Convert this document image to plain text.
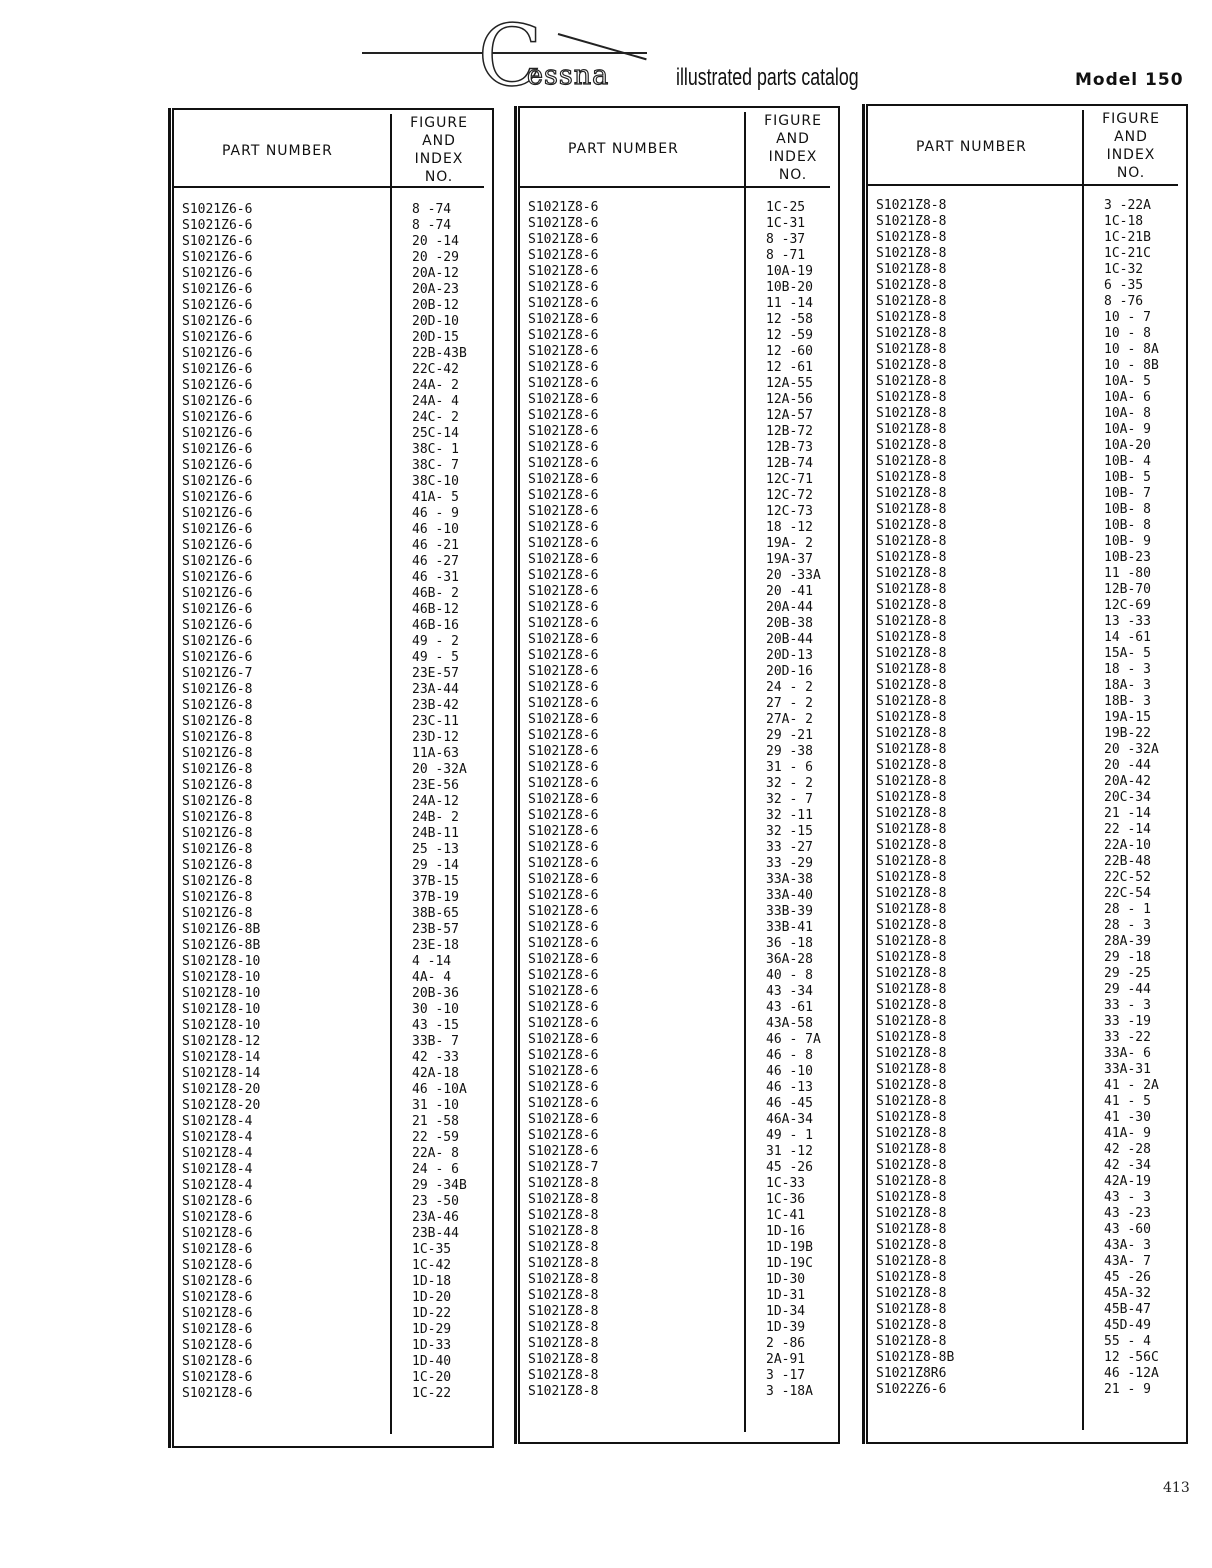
C
essna	illustrated parts catalog	Model 150
PART NUMBER
FIGURE
AND
INDEX
NO.
S1021Z6-6	8 -74
S1021Z6-6	8 -74
S1021Z6-6	20 -14
S1021Z6-6	20 -29
S1021Z6-6	20A-12
S1021Z6-6	20A-23
S1021Z6-6	20B-12
S1021Z6-6	20D-10
S1021Z6-6	20D-15
S1021Z6-6	22B-43B
S1021Z6-6	22C-42
S1021Z6-6	24A- 2
S1021Z6-6	24A- 4
S1021Z6-6	24C- 2
S1021Z6-6	25C-14
S1021Z6-6	38C- 1
S1021Z6-6	38C- 7
S1021Z6-6	38C-10
S1021Z6-6	41A- 5
S1021Z6-6	46 - 9
S1021Z6-6	46 -10
S1021Z6-6	46 -21
S1021Z6-6	46 -27
S1021Z6-6	46 -31
S1021Z6-6	46B- 2
S1021Z6-6	46B-12
S1021Z6-6	46B-16
S1021Z6-6	49 - 2
S1021Z6-6	49 - 5
S1021Z6-7	23E-57
S1021Z6-8	23A-44
S1021Z6-8	23B-42
S1021Z6-8	23C-11
S1021Z6-8	23D-12
S1021Z6-8	11A-63
S1021Z6-8	20 -32A
S1021Z6-8	23E-56
S1021Z6-8	24A-12
S1021Z6-8	24B- 2
S1021Z6-8	24B-11
S1021Z6-8	25 -13
S1021Z6-8	29 -14
S1021Z6-8	37B-15
S1021Z6-8	37B-19
S1021Z6-8	38B-65
S1021Z6-8B	23B-57
S1021Z6-8B	23E-18
S1021Z8-10	4 -14
S1021Z8-10	4A- 4
S1021Z8-10	20B-36
S1021Z8-10	30 -10
S1021Z8-10	43 -15
S1021Z8-12	33B- 7
S1021Z8-14	42 -33
S1021Z8-14	42A-18
S1021Z8-20	46 -10A
S1021Z8-20	31 -10
S1021Z8-4	21 -58
S1021Z8-4	22 -59
S1021Z8-4	22A- 8
S1021Z8-4	24 - 6
S1021Z8-4	29 -34B
S1021Z8-6	23 -50
S1021Z8-6	23A-46
S1021Z8-6	23B-44
S1021Z8-6	1C-35
S1021Z8-6	1C-42
S1021Z8-6	1D-18
S1021Z8-6	1D-20
S1021Z8-6	1D-22
S1021Z8-6	1D-29
S1021Z8-6	1D-33
S1021Z8-6	1D-40
S1021Z8-6	1C-20
S1021Z8-6	1C-22
PART NUMBER
FIGURE
AND
INDEX
NO.
S1021Z8-6	1C-25
S1021Z8-6	1C-31
S1021Z8-6	8 -37
S1021Z8-6	8 -71
S1021Z8-6	10A-19
S1021Z8-6	10B-20
S1021Z8-6	11 -14
S1021Z8-6	12 -58
S1021Z8-6	12 -59
S1021Z8-6	12 -60
S1021Z8-6	12 -61
S1021Z8-6	12A-55
S1021Z8-6	12A-56
S1021Z8-6	12A-57
S1021Z8-6	12B-72
S1021Z8-6	12B-73
S1021Z8-6	12B-74
S1021Z8-6	12C-71
S1021Z8-6	12C-72
S1021Z8-6	12C-73
S1021Z8-6	18 -12
S1021Z8-6	19A- 2
S1021Z8-6	19A-37
S1021Z8-6	20 -33A
S1021Z8-6	20 -41
S1021Z8-6	20A-44
S1021Z8-6	20B-38
S1021Z8-6	20B-44
S1021Z8-6	20D-13
S1021Z8-6	20D-16
S1021Z8-6	24 - 2
S1021Z8-6	27 - 2
S1021Z8-6	27A- 2
S1021Z8-6	29 -21
S1021Z8-6	29 -38
S1021Z8-6	31 - 6
S1021Z8-6	32 - 2
S1021Z8-6	32 - 7
S1021Z8-6	32 -11
S1021Z8-6	32 -15
S1021Z8-6	33 -27
S1021Z8-6	33 -29
S1021Z8-6	33A-38
S1021Z8-6	33A-40
S1021Z8-6	33B-39
S1021Z8-6	33B-41
S1021Z8-6	36 -18
S1021Z8-6	36A-28
S1021Z8-6	40 - 8
S1021Z8-6	43 -34
S1021Z8-6	43 -61
S1021Z8-6	43A-58
S1021Z8-6	46 - 7A
S1021Z8-6	46 - 8
S1021Z8-6	46 -10
S1021Z8-6	46 -13
S1021Z8-6	46 -45
S1021Z8-6	46A-34
S1021Z8-6	49 - 1
S1021Z8-6	31 -12
S1021Z8-7	45 -26
S1021Z8-8	1C-33
S1021Z8-8	1C-36
S1021Z8-8	1C-41
S1021Z8-8	1D-16
S1021Z8-8	1D-19B
S1021Z8-8	1D-19C
S1021Z8-8	1D-30
S1021Z8-8	1D-31
S1021Z8-8	1D-34
S1021Z8-8	1D-39
S1021Z8-8	2 -86
S1021Z8-8	2A-91
S1021Z8-8	3 -17
S1021Z8-8	3 -18A
PART NUMBER
FIGURE
AND
INDEX
NO.
S1021Z8-8	3 -22A
S1021Z8-8	1C-18
S1021Z8-8	1C-21B
S1021Z8-8	1C-21C
S1021Z8-8	1C-32
S1021Z8-8	6 -35
S1021Z8-8	8 -76
S1021Z8-8	10 - 7
S1021Z8-8	10 - 8
S1021Z8-8	10 - 8A
S1021Z8-8	10 - 8B
S1021Z8-8	10A- 5
S1021Z8-8	10A- 6
S1021Z8-8	10A- 8
S1021Z8-8	10A- 9
S1021Z8-8	10A-20
S1021Z8-8	10B- 4
S1021Z8-8	10B- 5
S1021Z8-8	10B- 7
S1021Z8-8	10B- 8
S1021Z8-8	10B- 8
S1021Z8-8	10B- 9
S1021Z8-8	10B-23
S1021Z8-8	11 -80
S1021Z8-8	12B-70
S1021Z8-8	12C-69
S1021Z8-8	13 -33
S1021Z8-8	14 -61
S1021Z8-8	15A- 5
S1021Z8-8	18 - 3
S1021Z8-8	18A- 3
S1021Z8-8	18B- 3
S1021Z8-8	19A-15
S1021Z8-8	19B-22
S1021Z8-8	20 -32A
S1021Z8-8	20 -44
S1021Z8-8	20A-42
S1021Z8-8	20C-34
S1021Z8-8	21 -14
S1021Z8-8	22 -14
S1021Z8-8	22A-10
S1021Z8-8	22B-48
S1021Z8-8	22C-52
S1021Z8-8	22C-54
S1021Z8-8	28 - 1
S1021Z8-8	28 - 3
S1021Z8-8	28A-39
S1021Z8-8	29 -18
S1021Z8-8	29 -25
S1021Z8-8	29 -44
S1021Z8-8	33 - 3
S1021Z8-8	33 -19
S1021Z8-8	33 -22
S1021Z8-8	33A- 6
S1021Z8-8	33A-31
S1021Z8-8	41 - 2A
S1021Z8-8	41 - 5
S1021Z8-8	41 -30
S1021Z8-8	41A- 9
S1021Z8-8	42 -28
S1021Z8-8	42 -34
S1021Z8-8	42A-19
S1021Z8-8	43 - 3
S1021Z8-8	43 -23
S1021Z8-8	43 -60
S1021Z8-8	43A- 3
S1021Z8-8	43A- 7
S1021Z8-8	45 -26
S1021Z8-8	45A-32
S1021Z8-8	45B-47
S1021Z8-8	45D-49
S1021Z8-8	55 - 4
S1021Z8-8B	12 -56C
S1021Z8R6	46 -12A
S1022Z6-6	21 - 9
413
